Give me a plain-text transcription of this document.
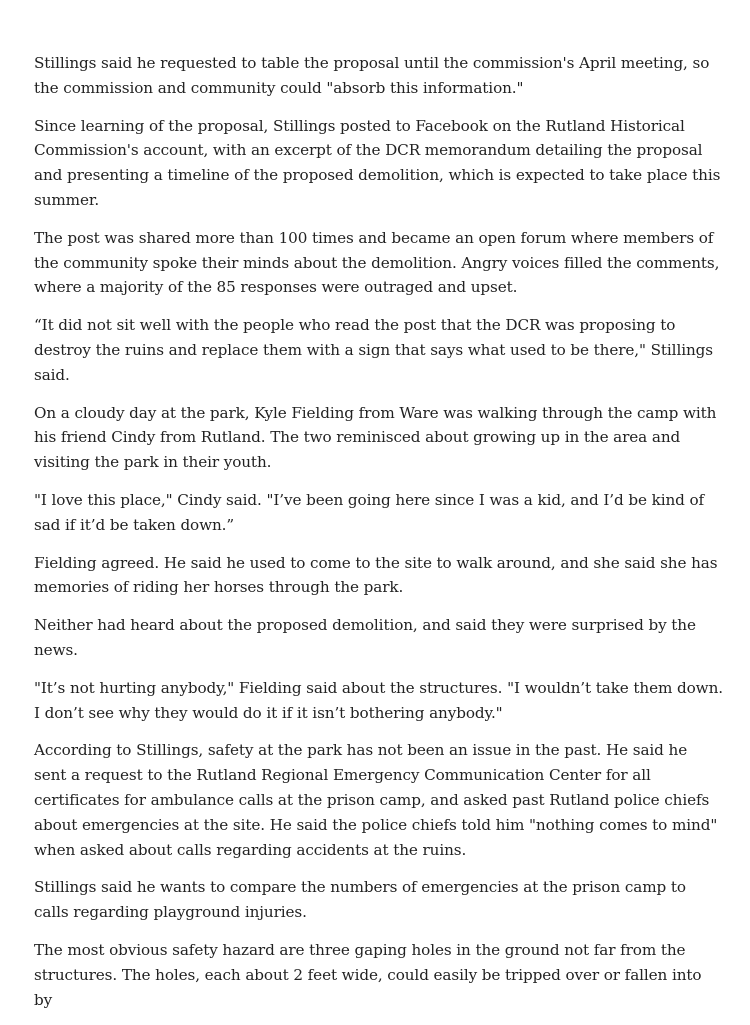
Stillings said he requested to table the proposal until the commission's April meeting, so the commission and community could "absorb this information."

Since learning of the proposal, Stillings posted to Facebook on the Rutland Historical Commission's account, with an excerpt of the DCR memorandum detailing the proposal and presenting a timeline of the proposed demolition, which is expected to take place this summer.

The post was shared more than 100 times and became an open forum where members of the community spoke their minds about the demolition. Angry voices filled the comments, where a majority of the 85 responses were outraged and upset.

“It did not sit well with the people who read the post that the DCR was proposing to destroy the ruins and replace them with a sign that says what used to be there," Stillings said.

On a cloudy day at the park, Kyle Fielding from Ware was walking through the camp with his friend Cindy from Rutland. The two reminisced about growing up in the area and visiting the park in their youth.

"I love this place," Cindy said. "I’ve been going here since I was a kid, and I’d be kind of sad if it’d be taken down.”

Fielding agreed. He said he used to come to the site to walk around, and she said she has memories of riding her horses through the park.

Neither had heard about the proposed demolition, and said they were surprised by the news.

"It’s not hurting anybody," Fielding said about the structures. "I wouldn’t take them down. I don’t see why they would do it if it isn’t bothering anybody."

According to Stillings, safety at the park has not been an issue in the past. He said he sent a request to the Rutland Regional Emergency Communication Center for all certificates for ambulance calls at the prison camp, and asked past Rutland police chiefs about emergencies at the site. He said the police chiefs told him "nothing comes to mind" when asked about calls regarding accidents at the ruins.

Stillings said he wants to compare the numbers of emergencies at the prison camp to calls regarding playground injuries.

The most obvious safety hazard are three gaping holes in the ground not far from the structures. The holes, each about 2 feet wide, could easily be tripped over or fallen into by
